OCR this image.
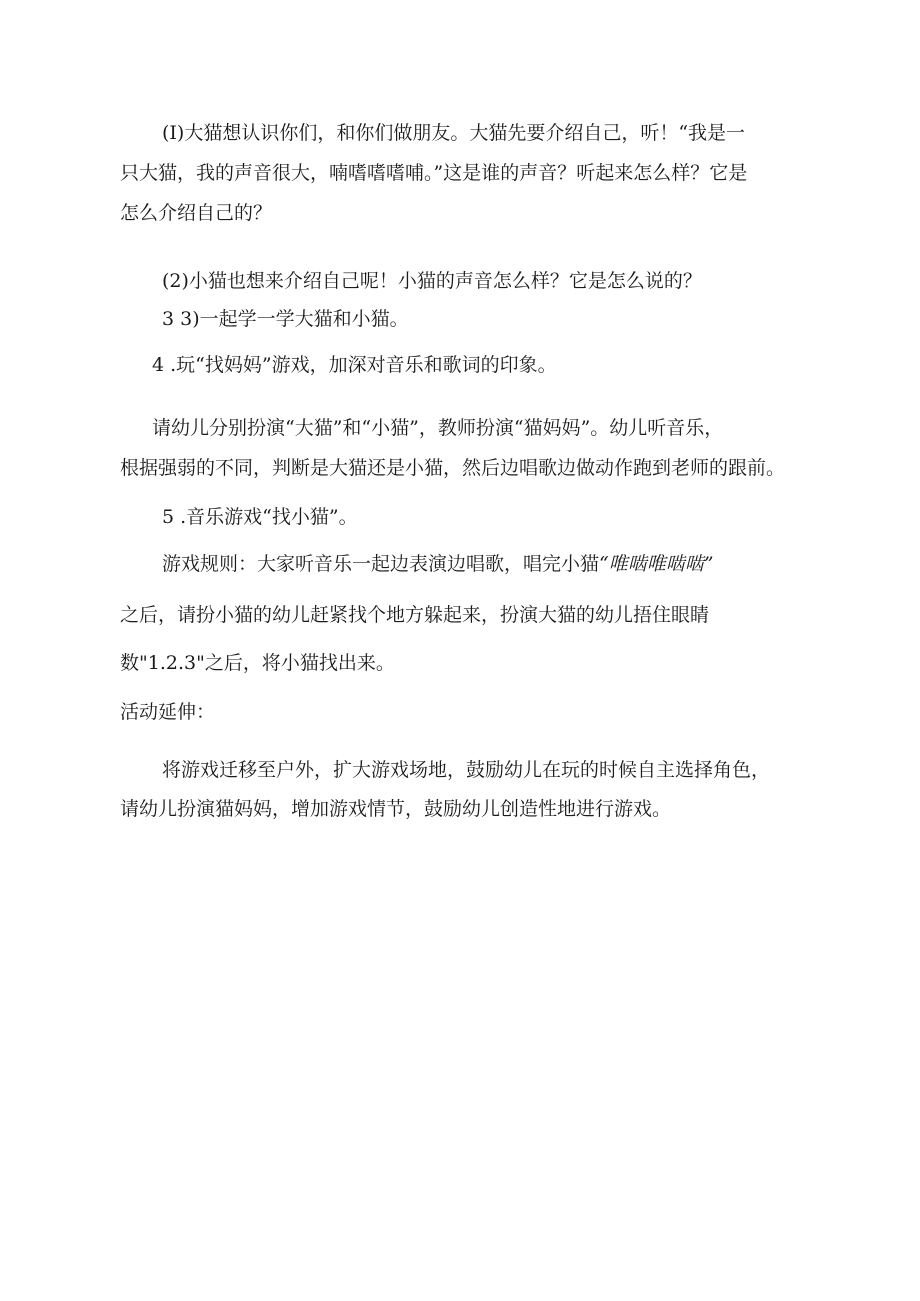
(I)大猫想认识你们，和你们做朋友。大猫先要介绍自己，听！“我是一
只大猫，我的声音很大，喃嗜嗜嗜哺。”这是谁的声音？听起来怎么样？它是
怎么介绍自己的？
(2)小猫也想来介绍自己呢！小猫的声音怎么样？它是怎么说的？
3 3)一起学一学大猫和小猫。
4 .玩“找妈妈”游戏，加深对音乐和歌词的印象。
请幼儿分别扮演“大猫”和“小猫”，教师扮演“猫妈妈”。幼儿听音乐，
根据强弱的不同，判断是大猫还是小猫，然后边唱歌边做动作跑到老师的跟前。
5 .音乐游戏“找小猫”。
游戏规则：大家听音乐一起边表演边唱歌，唱完小猫“唯啮唯啮啮”
之后，请扮小猫的幼儿赶紧找个地方躲起来，扮演大猫的幼儿捂住眼睛
数"1.2.3"之后，将小猫找出来。
活动延伸：
将游戏迁移至户外，扩大游戏场地，鼓励幼儿在玩的时候自主选择角色，
请幼儿扮演猫妈妈，增加游戏情节，鼓励幼儿创造性地进行游戏。
